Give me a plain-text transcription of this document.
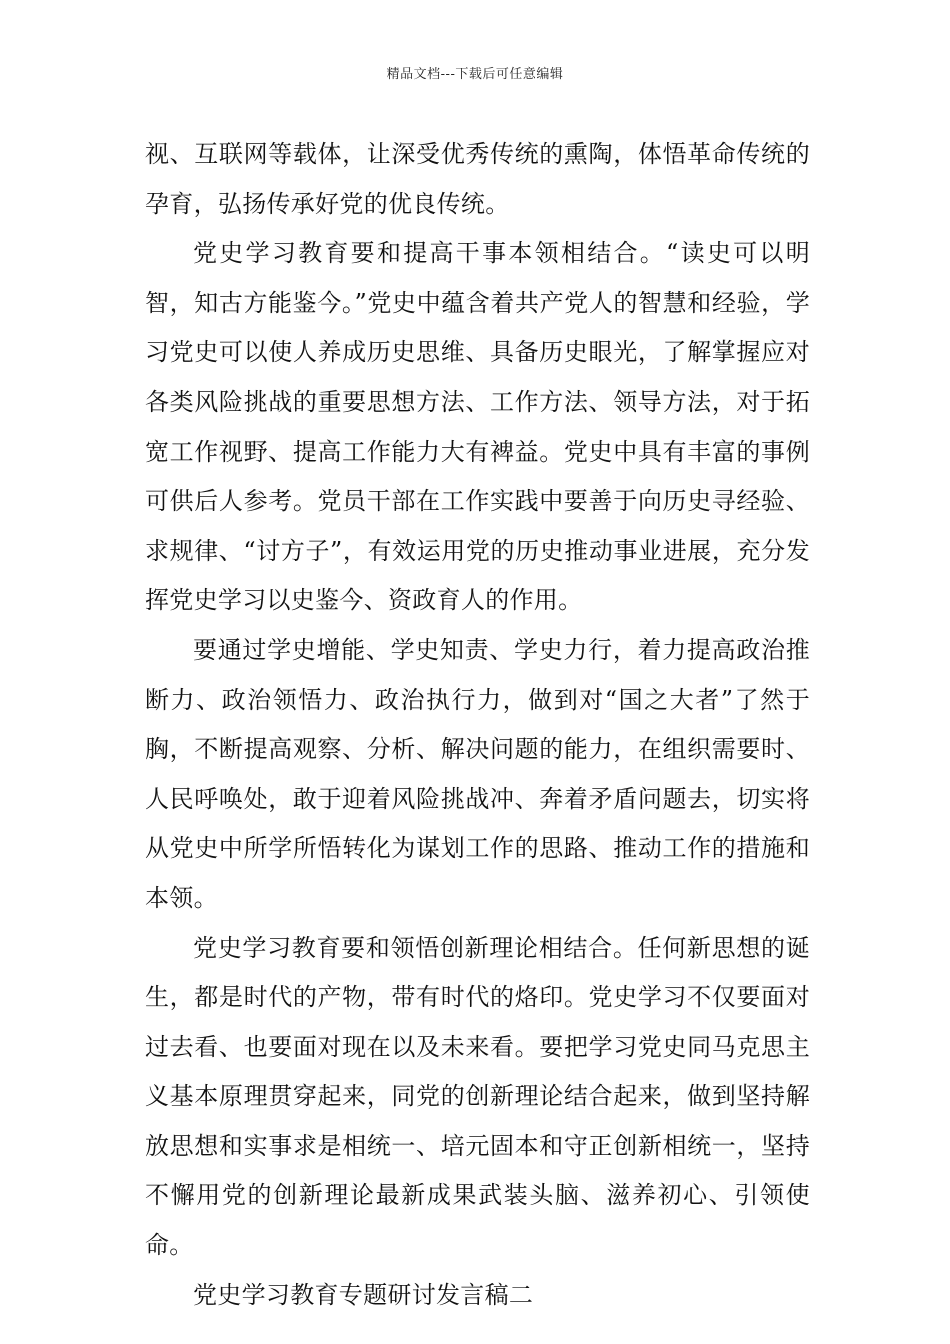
精品文档---下载后可任意编辑

视、互联网等载体，让深受优秀传统的熏陶，体悟革命传统的孕育，弘扬传承好党的优良传统。

党史学习教育要和提高干事本领相结合。“读史可以明智，知古方能鉴今。”党史中蕴含着共产党人的智慧和经验，学习党史可以使人养成历史思维、具备历史眼光，了解掌握应对各类风险挑战的重要思想方法、工作方法、领导方法，对于拓宽工作视野、提高工作能力大有裨益。党史中具有丰富的事例可供后人参考。党员干部在工作实践中要善于向历史寻经验、求规律、“讨方子”，有效运用党的历史推动事业进展，充分发挥党史学习以史鉴今、资政育人的作用。

要通过学史增能、学史知责、学史力行，着力提高政治推断力、政治领悟力、政治执行力，做到对“国之大者”了然于胸，不断提高观察、分析、解决问题的能力，在组织需要时、人民呼唤处，敢于迎着风险挑战冲、奔着矛盾问题去，切实将从党史中所学所悟转化为谋划工作的思路、推动工作的措施和本领。

党史学习教育要和领悟创新理论相结合。任何新思想的诞生，都是时代的产物，带有时代的烙印。党史学习不仅要面对过去看、也要面对现在以及未来看。要把学习党史同马克思主义基本原理贯穿起来，同党的创新理论结合起来，做到坚持解放思想和实事求是相统一、培元固本和守正创新相统一，坚持不懈用党的创新理论最新成果武装头脑、滋养初心、引领使命。

党史学习教育专题研讨发言稿二
